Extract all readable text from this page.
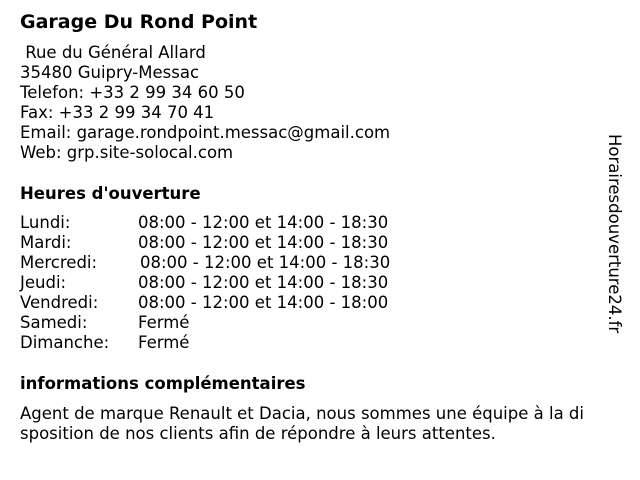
Garage Du Rond Point
Rue du Général Allard
35480 Guipry-Messac
Telefon: +33 2 99 34 60 50
Fax: +33 2 99 34 70 41
Email: garage.rondpoint.messac@gmail.com
Web: grp.site-solocal.com
Heures d'ouverture
Lundi:	08:00 - 12:00 et 14:00 - 18:30
Mardi:	08:00 - 12:00 et 14:00 - 18:30
Mercredi:	08:00 - 12:00 et 14:00 - 18:30
Jeudi:	08:00 - 12:00 et 14:00 - 18:30
Vendredi: 08:00 - 12:00 et 14:00 - 18:00
Samedi:	Fermé
Dimanche: Fermé
informations complémentaires
Agent de marque Renault et Dacia, nous sommes une équipe à la di
sposition de nos clients afin de répondre à leurs attentes.
Horairesdouverture24.fr
